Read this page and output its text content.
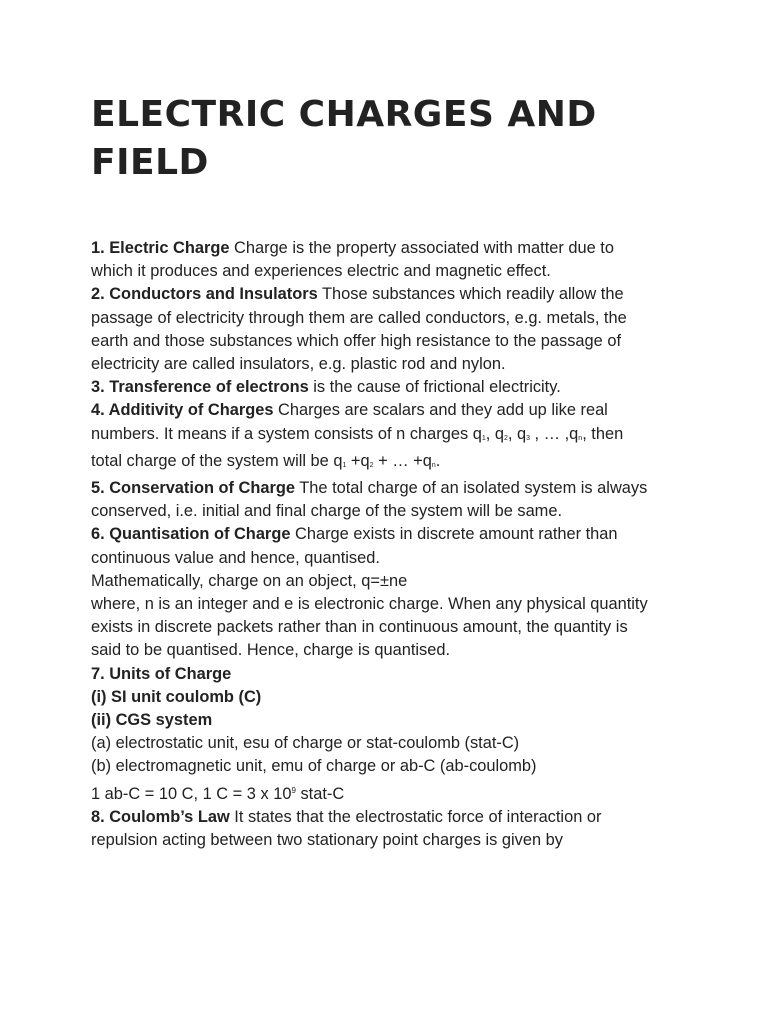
ELECTRIC CHARGES AND FIELD
1. Electric Charge Charge is the property associated with matter due to
which it produces and experiences electric and magnetic effect.
2. Conductors and Insulators Those substances which readily allow the
passage of electricity through them are called conductors, e.g. metals, the
earth and those substances which offer high resistance to the passage of
electricity are called insulators, e.g. plastic rod and nylon.
3. Transference of electrons is the cause of frictional electricity.
4. Additivity of Charges Charges are scalars and they add up like real
numbers. It means if a system consists of n charges q1, q2, q3 , … ,qn, then
total charge of the system will be q1 +q2 + … +qn.
5. Conservation of Charge The total charge of an isolated system is always
conserved, i.e. initial and final charge of the system will be same.
6. Quantisation of Charge Charge exists in discrete amount rather than
continuous value and hence, quantised.
Mathematically, charge on an object, q=±ne
where, n is an integer and e is electronic charge. When any physical quantity
exists in discrete packets rather than in continuous amount, the quantity is
said to be quantised. Hence, charge is quantised.
7. Units of Charge
(i) SI unit coulomb (C)
(ii) CGS system
(a) electrostatic unit, esu of charge or stat-coulomb (stat-C)
(b) electromagnetic unit, emu of charge or ab-C (ab-coulomb)
1 ab-C = 10 C, 1 C = 3 x $10^9$ stat-C
8. Coulomb’s Law It states that the electrostatic force of interaction or
repulsion acting between two stationary point charges is given by
